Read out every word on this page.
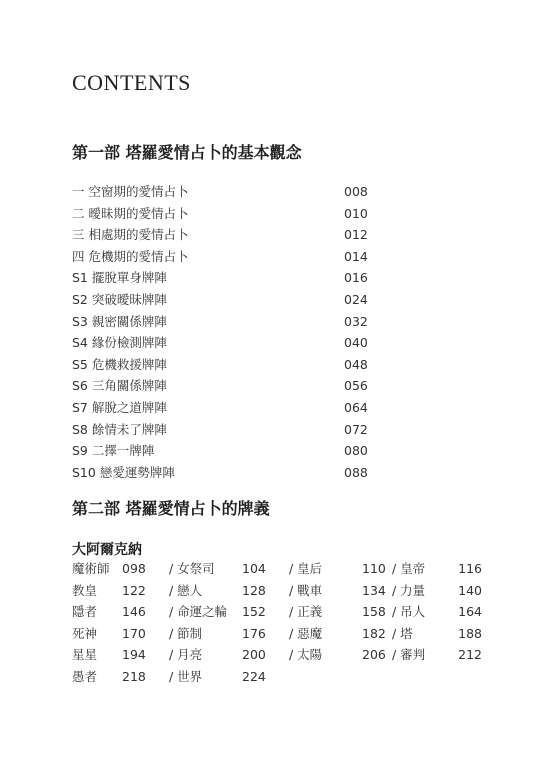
CONTENTS
第一部 塔羅愛情占卜的基本觀念
一 空窗期的愛情占卜	008
二 曖昧期的愛情占卜	010
三 相處期的愛情占卜	012
四 危機期的愛情占卜	014
S1 擺脫單身牌陣	016
S2 突破曖昧牌陣	024
S3 親密關係牌陣	032
S4 緣份檢測牌陣	040
S5 危機救援牌陣	048
S6 三角關係牌陣	056
S7 解脫之道牌陣	064
S8 餘情未了牌陣	072
S9 二擇一牌陣	080
S10 戀愛運勢牌陣	088
第二部 塔羅愛情占卜的牌義
大阿爾克納
魔術師 098 / 女祭司	104 / 皇后	110 / 皇帝	116
教皇	122 / 戀人	128 / 戰車	134 / 力量	140
隱者	146 / 命運之輪	152 / 正義	158 / 吊人	164
死神	170 / 節制	176 / 惡魔	182 / 塔	188
星星	194 / 月亮	200 / 太陽	206 / 審判	212
愚者	218 / 世界	224
